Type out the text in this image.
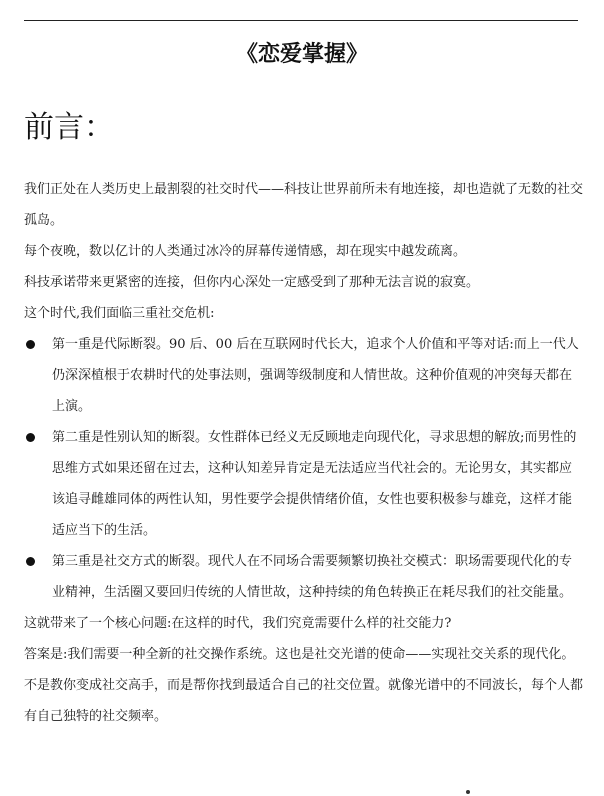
《恋爱掌握》
前言：

我们正处在人类历史上最割裂的社交时代——科技让世界前所未有地连接，却也造就了无数的社交孤岛。

每个夜晚，数以亿计的人类通过冰冷的屏幕传递情感，却在现实中越发疏离。

科技承诺带来更紧密的连接，但你内心深处一定感受到了那种无法言说的寂寞。

这个时代,我们面临三重社交危机:

第一重是代际断裂。90 后、00 后在互联网时代长大，追求个人价值和平等对话:而上一代人仍深深植根于农耕时代的处事法则，强调等级制度和人情世故。这种价值观的冲突每天都在上演。
第二重是性别认知的断裂。女性群体已经义无反顾地走向现代化，寻求思想的解放;而男性的思维方式如果还留在过去，这种认知差异肯定是无法适应当代社会的。无论男女，其实都应该追寻雌雄同体的两性认知，男性要学会提供情绪价值，女性也要积极参与雄竞，这样才能适应当下的生活。
第三重是社交方式的断裂。现代人在不同场合需要频繁切换社交模式：职场需要现代化的专业精神，生活圈又要回归传统的人情世故，这种持续的角色转换正在耗尽我们的社交能量。

这就带来了一个核心问题:在这样的时代，我们究竟需要什么样的社交能力?

答案是:我们需要一种全新的社交操作系统。这也是社交光谱的使命——实现社交关系的现代化。

不是教你变成社交高手，而是帮你找到最适合自己的社交位置。就像光谱中的不同波长，每个人都有自己独特的社交频率。
